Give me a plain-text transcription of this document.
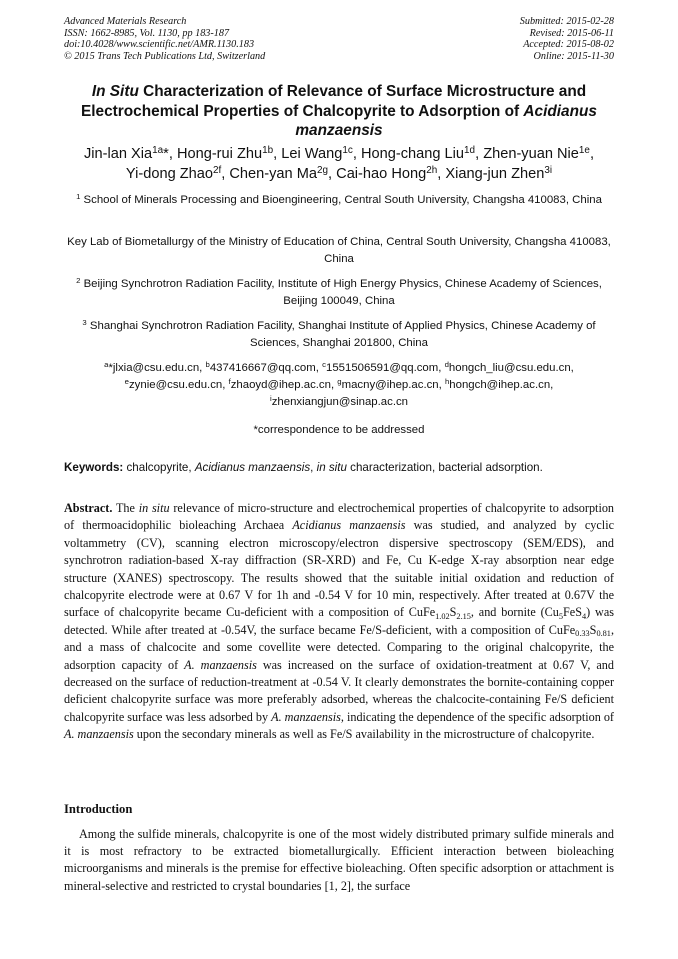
Advanced Materials Research
ISSN: 1662-8985, Vol. 1130, pp 183-187
doi:10.4028/www.scientific.net/AMR.1130.183
© 2015 Trans Tech Publications Ltd, Switzerland
Submitted: 2015-02-28
Revised: 2015-06-11
Accepted: 2015-08-02
Online: 2015-11-30
In Situ Characterization of Relevance of Surface Microstructure and Electrochemical Properties of Chalcopyrite to Adsorption of Acidianus manzaensis
Jin-lan Xia$^{1a}$*, Hong-rui Zhu$^{1b}$, Lei Wang$^{1c}$, Hong-chang Liu$^{1d}$, Zhen-yuan Nie$^{1e}$,
Yi-dong Zhao$^{2f}$, Chen-yan $Ma^{2g}$, Cai-hao Hong$^{2h}$, Xiang-jun Zhen$^{3i}$
$^1$ School of Minerals Processing and Bioengineering, Central South University, Changsha 410083, China
Key Lab of Biometallurgy of the Ministry of Education of China, Central South University, Changsha 410083, China
$^2$ Beijing Synchrotron Radiation Facility, Institute of High Energy Physics, Chinese Academy of Sciences, Beijing 100049, China
$^3$ Shanghai Synchrotron Radiation Facility, Shanghai Institute of Applied Physics, Chinese Academy of Sciences, Shanghai 201800, China
$^a$*jlxia@csu.edu.cn, $^b$437416667@qq.com, $^c$1551506591@qq.com, $^d$hongch_liu@csu.edu.cn,
$^e$zynie@csu.edu.cn, $^f$zhaoyd@ihep.ac.cn, $^g$macny@ihep.ac.cn, $^h$hongch@ihep.ac.cn,
$^i$zhenxiangjun@sinap.ac.cn
*correspondence to be addressed
Keywords: chalcopyrite, Acidianus manzaensis, in situ characterization, bacterial adsorption.
Abstract. The in situ relevance of micro-structure and electrochemical properties of chalcopyrite to adsorption of thermoacidophilic bioleaching Archaea Acidianus manzaensis was studied, and analyzed by cyclic voltammetry (CV), scanning electron microscopy/electron dispersive spectroscopy (SEM/EDS), and synchrotron radiation-based X-ray diffraction (SR-XRD) and Fe, Cu K-edge X-ray absorption near edge structure (XANES) spectroscopy. The results showed that the suitable initial oxidation and reduction of chalcopyrite electrode were at 0.67 V for 1h and -0.54 V for 10 min, respectively. After treated at 0.67V the surface of chalcopyrite became Cu-deficient with a composition of $CuFe_{1.02}S_{2.15}$, and bornite $(Cu_5FeS_4)$ was detected. While after treated at -0.54V, the surface became Fe/S-deficient, with a composition of $CuFe_{0.33}S_{0.81}$, and a mass of chalcocite and some covellite were detected. Comparing to the original chalcopyrite, the adsorption capacity of A. manzaensis was increased on the surface of oxidation-treatment at 0.67 V, and decreased on the surface of reduction-treatment at -0.54 V. It clearly demonstrates the bornite-containing copper deficient chalcopyrite surface was more preferably adsorbed, whereas the chalcocite-containing Fe/S deficient chalcopyrite surface was less adsorbed by A. manzaensis, indicating the dependence of the specific adsorption of A. manzaensis upon the secondary minerals as well as Fe/S availability in the microstructure of chalcopyrite.
Introduction
Among the sulfide minerals, chalcopyrite is one of the most widely distributed primary sulfide minerals and it is most refractory to be extracted biometallurgically. Efficient interaction between bioleaching microorganisms and minerals is the premise for effective bioleaching. Often specific adsorption or attachment is mineral-selective and restricted to crystal boundaries [1, 2], the surface
